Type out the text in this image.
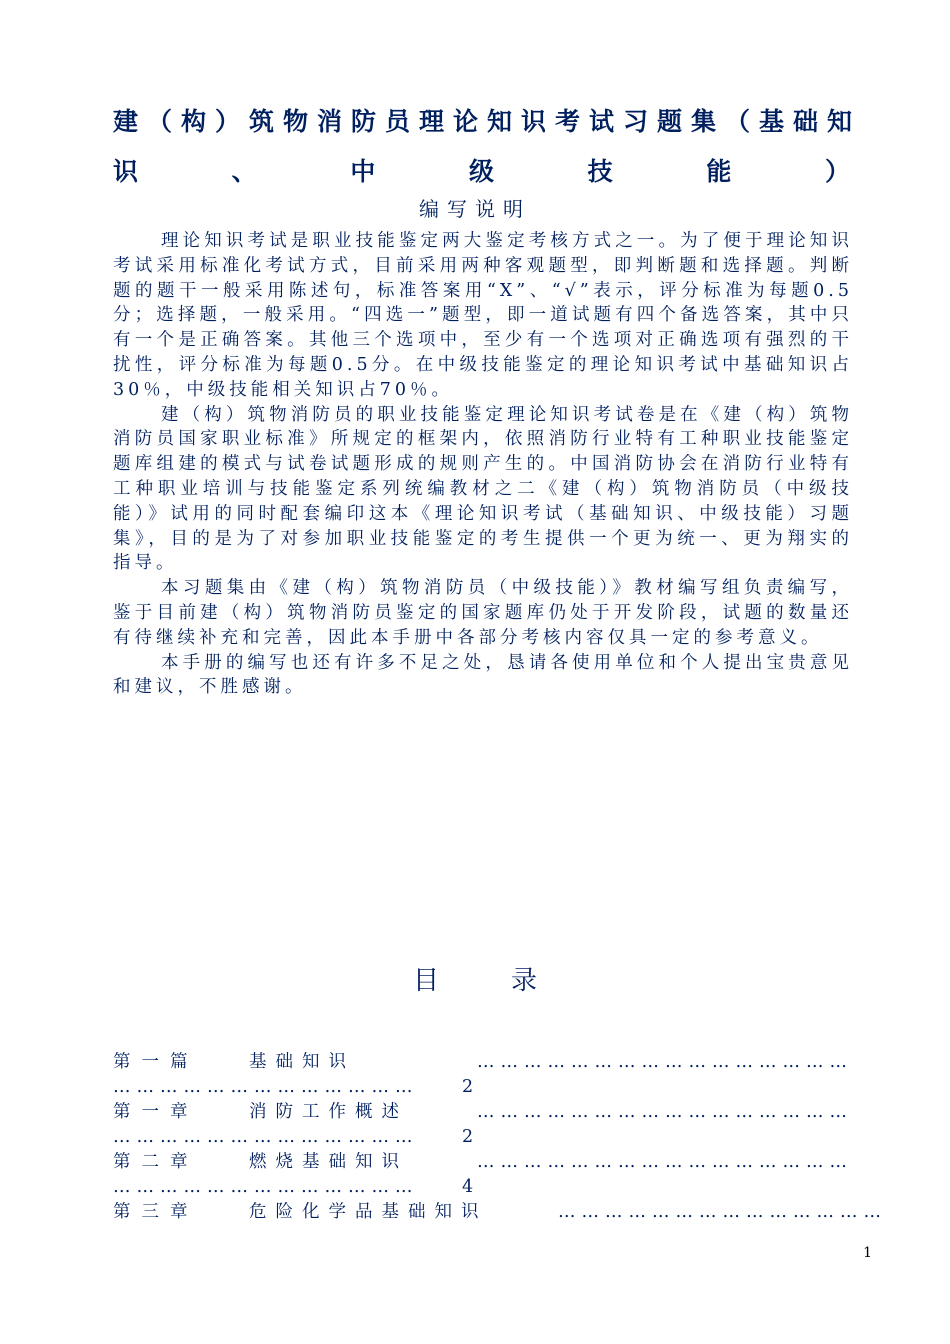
建（构）筑物消防员理论知识考试习题集（基础知
识、中级技能）
编写说明

理论知识考试是职业技能鉴定两大鉴定考核方式之一。为了便于理论知识考试采用标准化考试方式，目前采用两种客观题型，即判断题和选择题。判断题的题干一般采用陈述句，标准答案用“X”、“√”表示，评分标准为每题0.5分；选择题，一般采用。“四选一”题型，即一道试题有四个备选答案，其中只有一个是正确答案。其他三个选项中，至少有一个选项对正确选项有强烈的干扰性，评分标准为每题0.5分。在中级技能鉴定的理论知识考试中基础知识占30％，中级技能相关知识占70％。

建（构）筑物消防员的职业技能鉴定理论知识考试卷是在《建（构）筑物消防员国家职业标准》所规定的框架内，依照消防行业特有工种职业技能鉴定题库组建的模式与试卷试题形成的规则产生的。中国消防协会在消防行业特有工种职业培训与技能鉴定系列统编教材之二《建（构）筑物消防员（中级技能）》试用的同时配套编印这本《理论知识考试（基础知识、中级技能）习题集》，目的是为了对参加职业技能鉴定的考生提供一个更为统一、更为翔实的指导。

本习题集由《建（构）筑物消防员（中级技能）》教材编写组负责编写，鉴于目前建（构）筑物消防员鉴定的国家题库仍处于开发阶段，试题的数量还有待继续补充和完善，因此本手册中各部分考核内容仅具一定的参考意义。

本手册的编写也还有许多不足之处，恳请各使用单位和个人提出宝贵意见和建议，不胜感谢。

目	录
第一篇	基础知识	…………………………………………
…………………………………	2
第一章	消防工作概述	…………………………………………
…………………………………	2
第二章	燃烧基础知识	…………………………………………
…………………………………	4
第三章	危险化学品基础知识	……………………………………
1
